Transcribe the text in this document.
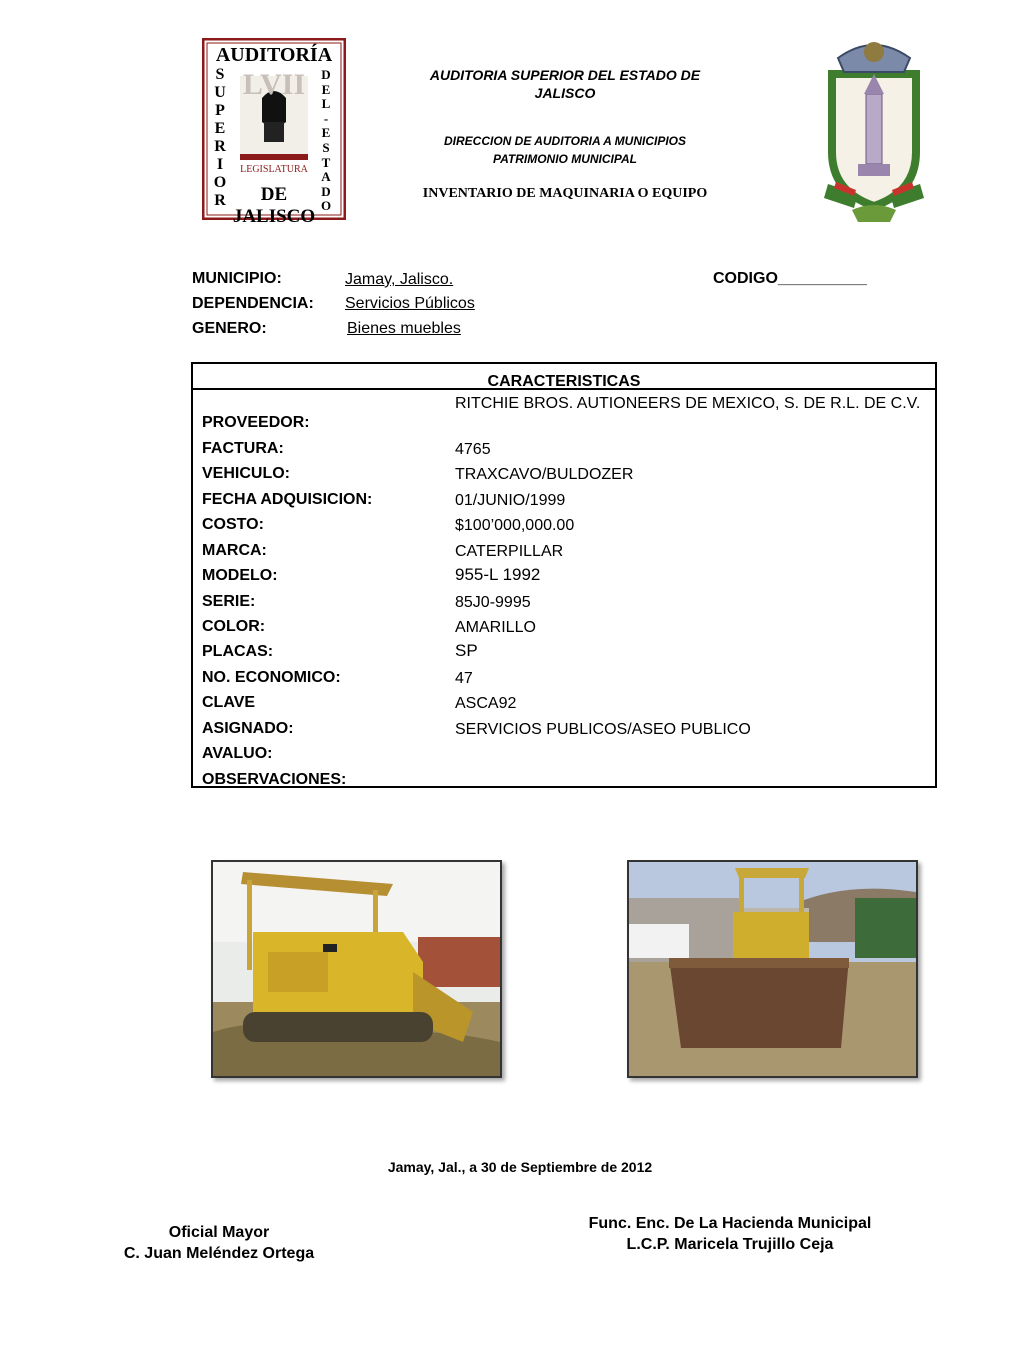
AUDITORÍA
LVII
LEGISLATURA
DE JALISCO
S
U
P
E
R
I
O
R
D
E
L
-
E
S
T
A
D
O
AUDITORIA SUPERIOR DEL ESTADO DE JALISCO
DIRECCION DE AUDITORIA A MUNICIPIOS
PATRIMONIO MUNICIPAL
INVENTARIO DE MAQUINARIA O EQUIPO
MUNICIPIO:	Jamay, Jalisco.	CODIGO__________
DEPENDENCIA: Servicios Públicos
GENERO:	Bienes muebles
CARACTERISTICAS
PROVEEDOR:
RITCHIE BROS. AUTIONEERS DE MEXICO, S. DE R.L. DE C.V.
FACTURA:	4765
VEHICULO:	TRAXCAVO/BULDOZER
FECHA ADQUISICION:	01/JUNIO/1999
COSTO:	$100’000,000.00
MARCA:	CATERPILLAR
MODELO:	955-L 1992
SERIE:	85J0-9995
COLOR:	AMARILLO
PLACAS:	SP
NO. ECONOMICO:	47
CLAVE	ASCA92
ASIGNADO:	SERVICIOS PUBLICOS/ASEO PUBLICO
AVALUO:
OBSERVACIONES:
Jamay, Jal., a 30 de Septiembre de 2012
Oficial Mayor
C. Juan Meléndez Ortega
Func. Enc. De La Hacienda Municipal
L.C.P. Maricela Trujillo Ceja
